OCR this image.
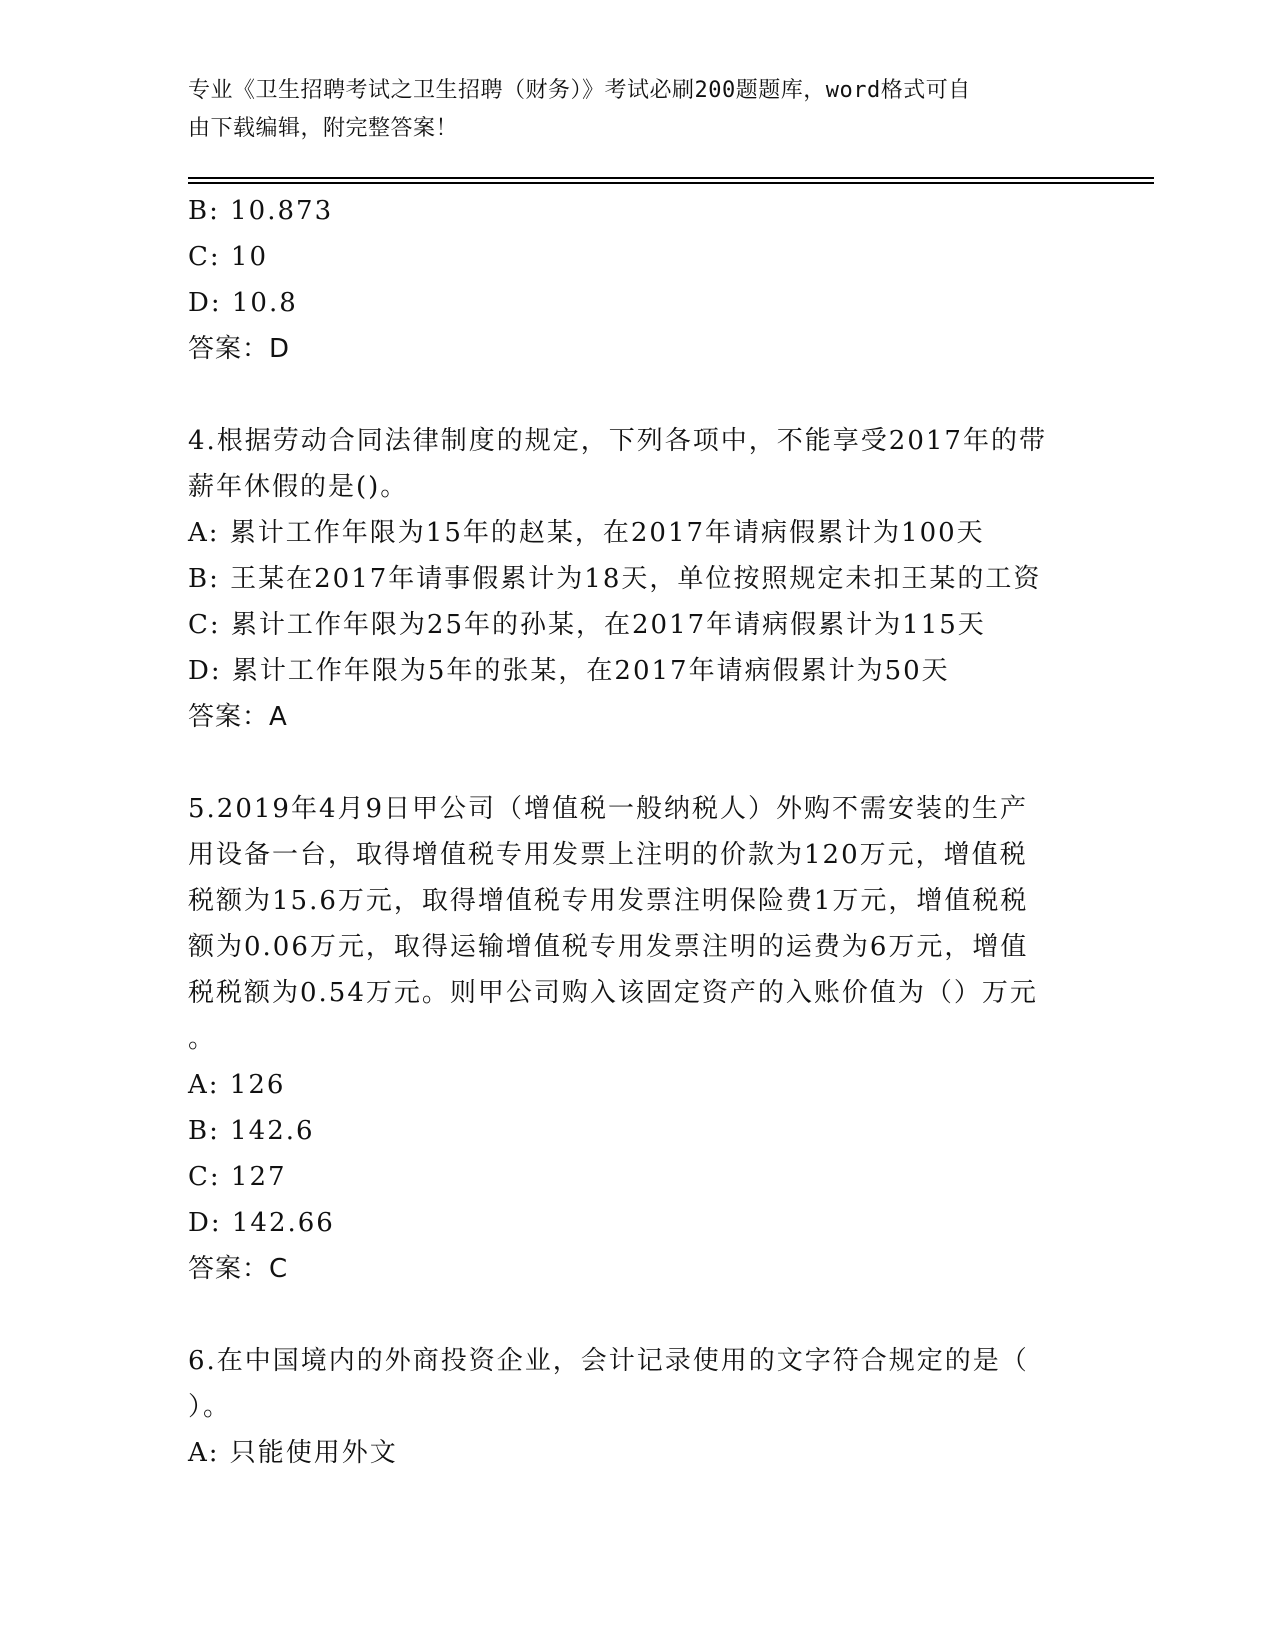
专业《卫生招聘考试之卫生招聘（财务）》考试必刷200题题库，word格式可自
由下载编辑，附完整答案！
B: 10.873
C: 10
D: 10.8
答案：D
4.根据劳动合同法律制度的规定，下列各项中，不能享受2017年的带
薪年休假的是()。
A: 累计工作年限为15年的赵某，在2017年请病假累计为100天
B: 王某在2017年请事假累计为18天，单位按照规定未扣王某的工资
C: 累计工作年限为25年的孙某，在2017年请病假累计为115天
D: 累计工作年限为5年的张某，在2017年请病假累计为50天
答案：A
5.2019年4月9日甲公司（增值税一般纳税人）外购不需安装的生产
用设备一台，取得增值税专用发票上注明的价款为120万元，增值税
税额为15.6万元，取得增值税专用发票注明保险费1万元，增值税税
额为0.06万元，取得运输增值税专用发票注明的运费为6万元，增值
税税额为0.54万元。则甲公司购入该固定资产的入账价值为（）万元
。
A: 126
B: 142.6
C: 127
D: 142.66
答案：C
6.在中国境内的外商投资企业，会计记录使用的文字符合规定的是（
）。
A: 只能使用外文
